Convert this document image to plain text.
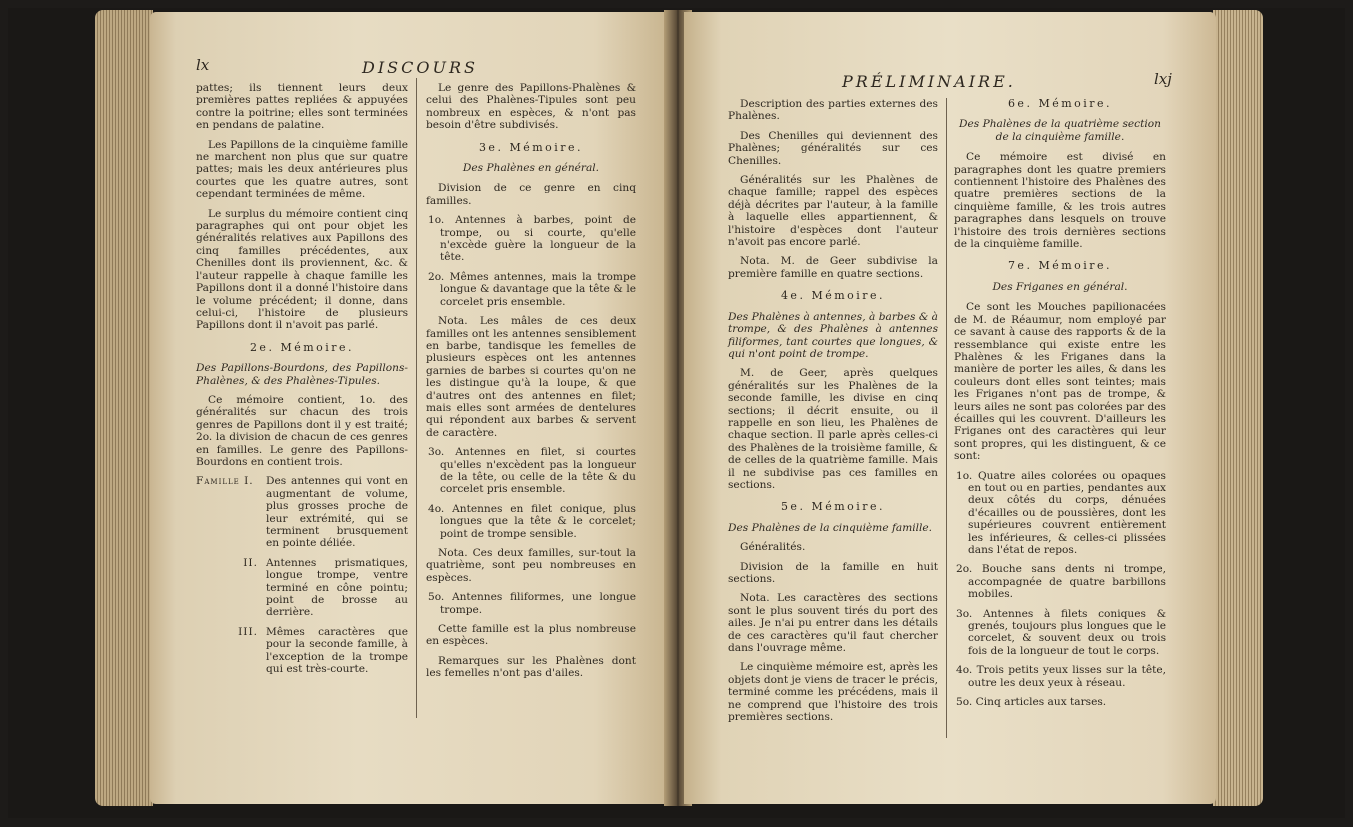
lx	DISCOURS

pattes; ils tiennent leurs deux premières pattes repliées & appuyées contre la poitrine; elles sont terminées en pendans de palatine.

Les Papillons de la cinquième famille ne marchent non plus que sur quatre pattes; mais les deux antérieures plus courtes que les quatre autres, sont cependant terminées de même.

Le surplus du mémoire contient cinq paragraphes qui ont pour objet les généralités relatives aux Papillons des cinq familles précédentes, aux Chenilles dont ils proviennent, &c. & l'auteur rappelle à chaque famille les Papillons dont il a donné l'histoire dans le volume précédent; il donne, dans celui-ci, l'histoire de plusieurs Papillons dont il n'avoit pas parlé.

2e. Mémoire.

Des Papillons-Bourdons, des Papillons-Phalènes, & des Phalènes-Tipules.

Ce mémoire contient, 1o. des généralités sur chacun des trois genres de Papillons dont il y est traité; 2o. la division de chacun de ces genres en familles. Le genre des Papillons-Bourdons en contient trois.

Famille I.	Des antennes qui vont en augmentant de volume, plus grosses proche de leur extrémité, qui se terminent brusquement en pointe déliée.
II. Antennes prismatiques, longue trompe, ventre terminé en cône pointu; point de brosse au derrière.
III. Mêmes caractères que pour la seconde famille, à l'exception de la trompe qui est très-courte.

Le genre des Papillons-Phalènes & celui des Phalènes-Tipules sont peu nombreux en espèces, & n'ont pas besoin d'être subdivisés.

3e. Mémoire.

Des Phalènes en général.

Division de ce genre en cinq familles.

1o. Antennes à barbes, point de trompe, ou si courte, qu'elle n'excède guère la longueur de la tête.

2o. Mêmes antennes, mais la trompe longue & davantage que la tête & le corcelet pris ensemble.

Nota. Les mâles de ces deux familles ont les antennes sensiblement en barbe, tandisque les femelles de plusieurs espèces ont les antennes garnies de barbes si courtes qu'on ne les distingue qu'à la loupe, & que d'autres ont des antennes en filet; mais elles sont armées de dentelures qui répondent aux barbes & servent de caractère.

3o. Antennes en filet, si courtes qu'elles n'excèdent pas la longueur de la tête, ou celle de la tête & du corcelet pris ensemble.

4o. Antennes en filet conique, plus longues que la tête & le corcelet; point de trompe sensible.

Nota. Ces deux familles, sur-tout la quatrième, sont peu nombreuses en espèces.

5o. Antennes filiformes, une longue trompe.

Cette famille est la plus nombreuse en espèces.

Remarques sur les Phalènes dont les femelles n'ont pas d'ailes.

PRÉLIMINAIRE.	lxj

Description des parties externes des Phalènes.

Des Chenilles qui deviennent des Phalènes; généralités sur ces Chenilles.

Généralités sur les Phalènes de chaque famille; rappel des espèces déjà décrites par l'auteur, à la famille à laquelle elles appartiennent, & l'histoire d'espèces dont l'auteur n'avoit pas encore parlé.

Nota. M. de Geer subdivise la première famille en quatre sections.

4e. Mémoire.

Des Phalènes à antennes, à barbes & à trompe, & des Phalènes à antennes filiformes, tant courtes que longues, & qui n'ont point de trompe.

M. de Geer, après quelques généralités sur les Phalènes de la seconde famille, les divise en cinq sections; il décrit ensuite, ou il rappelle en son lieu, les Phalènes de chaque section. Il parle après celles-ci des Phalènes de la troisième famille, & de celles de la quatrième famille. Mais il ne subdivise pas ces familles en sections.

5e. Mémoire.

Des Phalènes de la cinquième famille.

Généralités.

Division de la famille en huit sections.

Nota. Les caractères des sections sont le plus souvent tirés du port des ailes. Je n'ai pu entrer dans les détails de ces caractères qu'il faut chercher dans l'ouvrage même.

Le cinquième mémoire est, après les objets dont je viens de tracer le précis, terminé comme les précédens, mais il ne comprend que l'histoire des trois premières sections.

6e. Mémoire.

Des Phalènes de la quatrième section de la cinquième famille.

Ce mémoire est divisé en paragraphes dont les quatre premiers contiennent l'histoire des Phalènes des quatre premières sections de la cinquième famille, & les trois autres paragraphes dans lesquels on trouve l'histoire des trois dernières sections de la cinquième famille.

7e. Mémoire.

Des Friganes en général.

Ce sont les Mouches papilionacées de M. de Réaumur, nom employé par ce savant à cause des rapports & de la ressemblance qui existe entre les Phalènes & les Friganes dans la manière de porter les ailes, & dans les couleurs dont elles sont teintes; mais les Friganes n'ont pas de trompe, & leurs ailes ne sont pas colorées par des écailles qui les couvrent. D'ailleurs les Friganes ont des caractères qui leur sont propres, qui les distinguent, & ce sont:

1o. Quatre ailes colorées ou opaques en tout ou en parties, pendantes aux deux côtés du corps, dénuées d'écailles ou de poussières, dont les supérieures couvrent entièrement les inférieures, & celles-ci plissées dans l'état de repos.

2o. Bouche sans dents ni trompe, accompagnée de quatre barbillons mobiles.

3o. Antennes à filets coniques & grenés, toujours plus longues que le corcelet, & souvent deux ou trois fois de la longueur de tout le corps.

4o. Trois petits yeux lisses sur la tête, outre les deux yeux à réseau.

5o. Cinq articles aux tarses.
